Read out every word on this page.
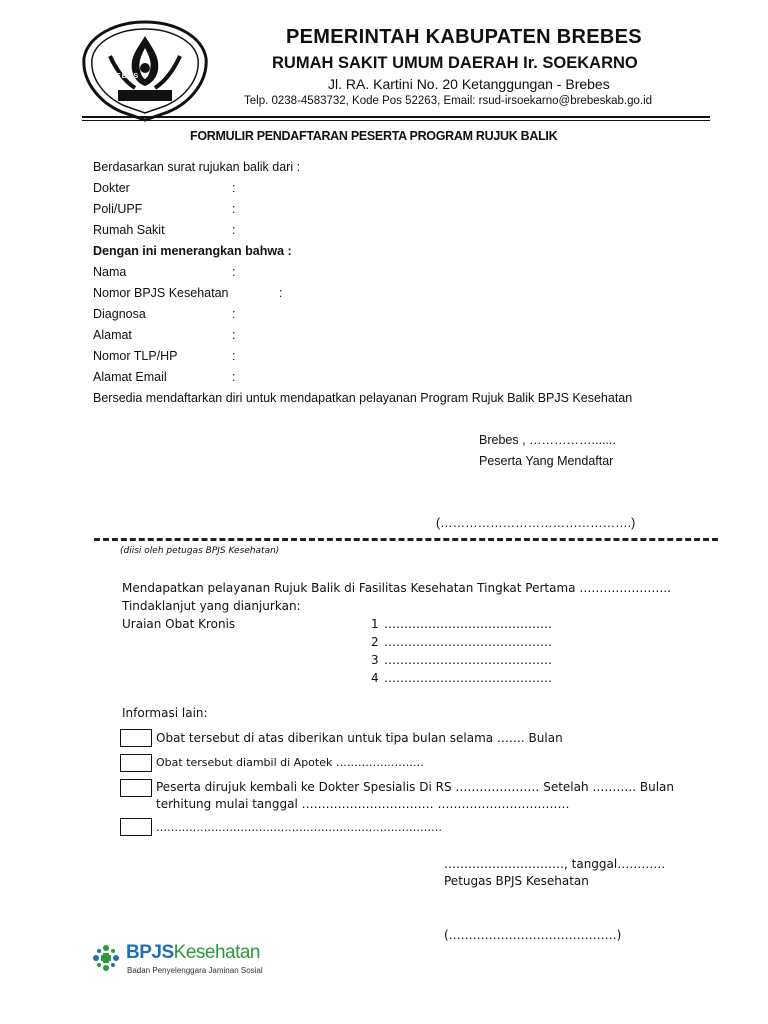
BREBES
PEMERINTAH KABUPATEN BREBES
RUMAH SAKIT UMUM DAERAH Ir. SOEKARNO
Jl. RA. Kartini No. 20 Ketanggungan - Brebes
Telp. 0238-4583732, Kode Pos 52263, Email: rsud-irsoekarno@brebeskab.go.id
FORMULIR PENDAFTARAN PESERTA PROGRAM RUJUK BALIK
Berdasarkan surat rujukan balik dari :
Dokter	:
Poli/UPF	:
Rumah Sakit	:
Dengan ini menerangkan bahwa :
Nama	:
Nomor BPJS Kesehatan	:
Diagnosa	:
Alamat	:
Nomor TLP/HP	:
Alamat Email	:
Bersedia mendaftarkan diri untuk mendapatkan pelayanan Program Rujuk Balik BPJS Kesehatan
Brebes , …………….......
Peserta Yang Mendaftar
(……………………………………….)
(diisi oleh petugas BPJS Kesehatan)
Mendapatkan pelayanan Rujuk Balik di Fasilitas Kesehatan Tingkat Pertama …………………..
Tindaklanjut yang dianjurkan:
Uraian Obat Kronis	1 ……………………………………
2 ……………………………………
3 ……………………………………
4 ……………………………………
Informasi lain:
Obat tersebut di atas diberikan untuk tipa bulan selama ……. Bulan
Obat tersebut diambil di Apotek ……………………
Peserta dirujuk kembali ke Dokter Spesialis Di RS ………………… Setelah ……….. Bulan
terhitung mulai tanggal …………………………… ……………………………
……………………………………………………………………
…………………………, tanggal…………
Petugas BPJS Kesehatan
(……………………………………)
BPJSKesehatan
Badan Penyelenggara Jaminan Sosial
